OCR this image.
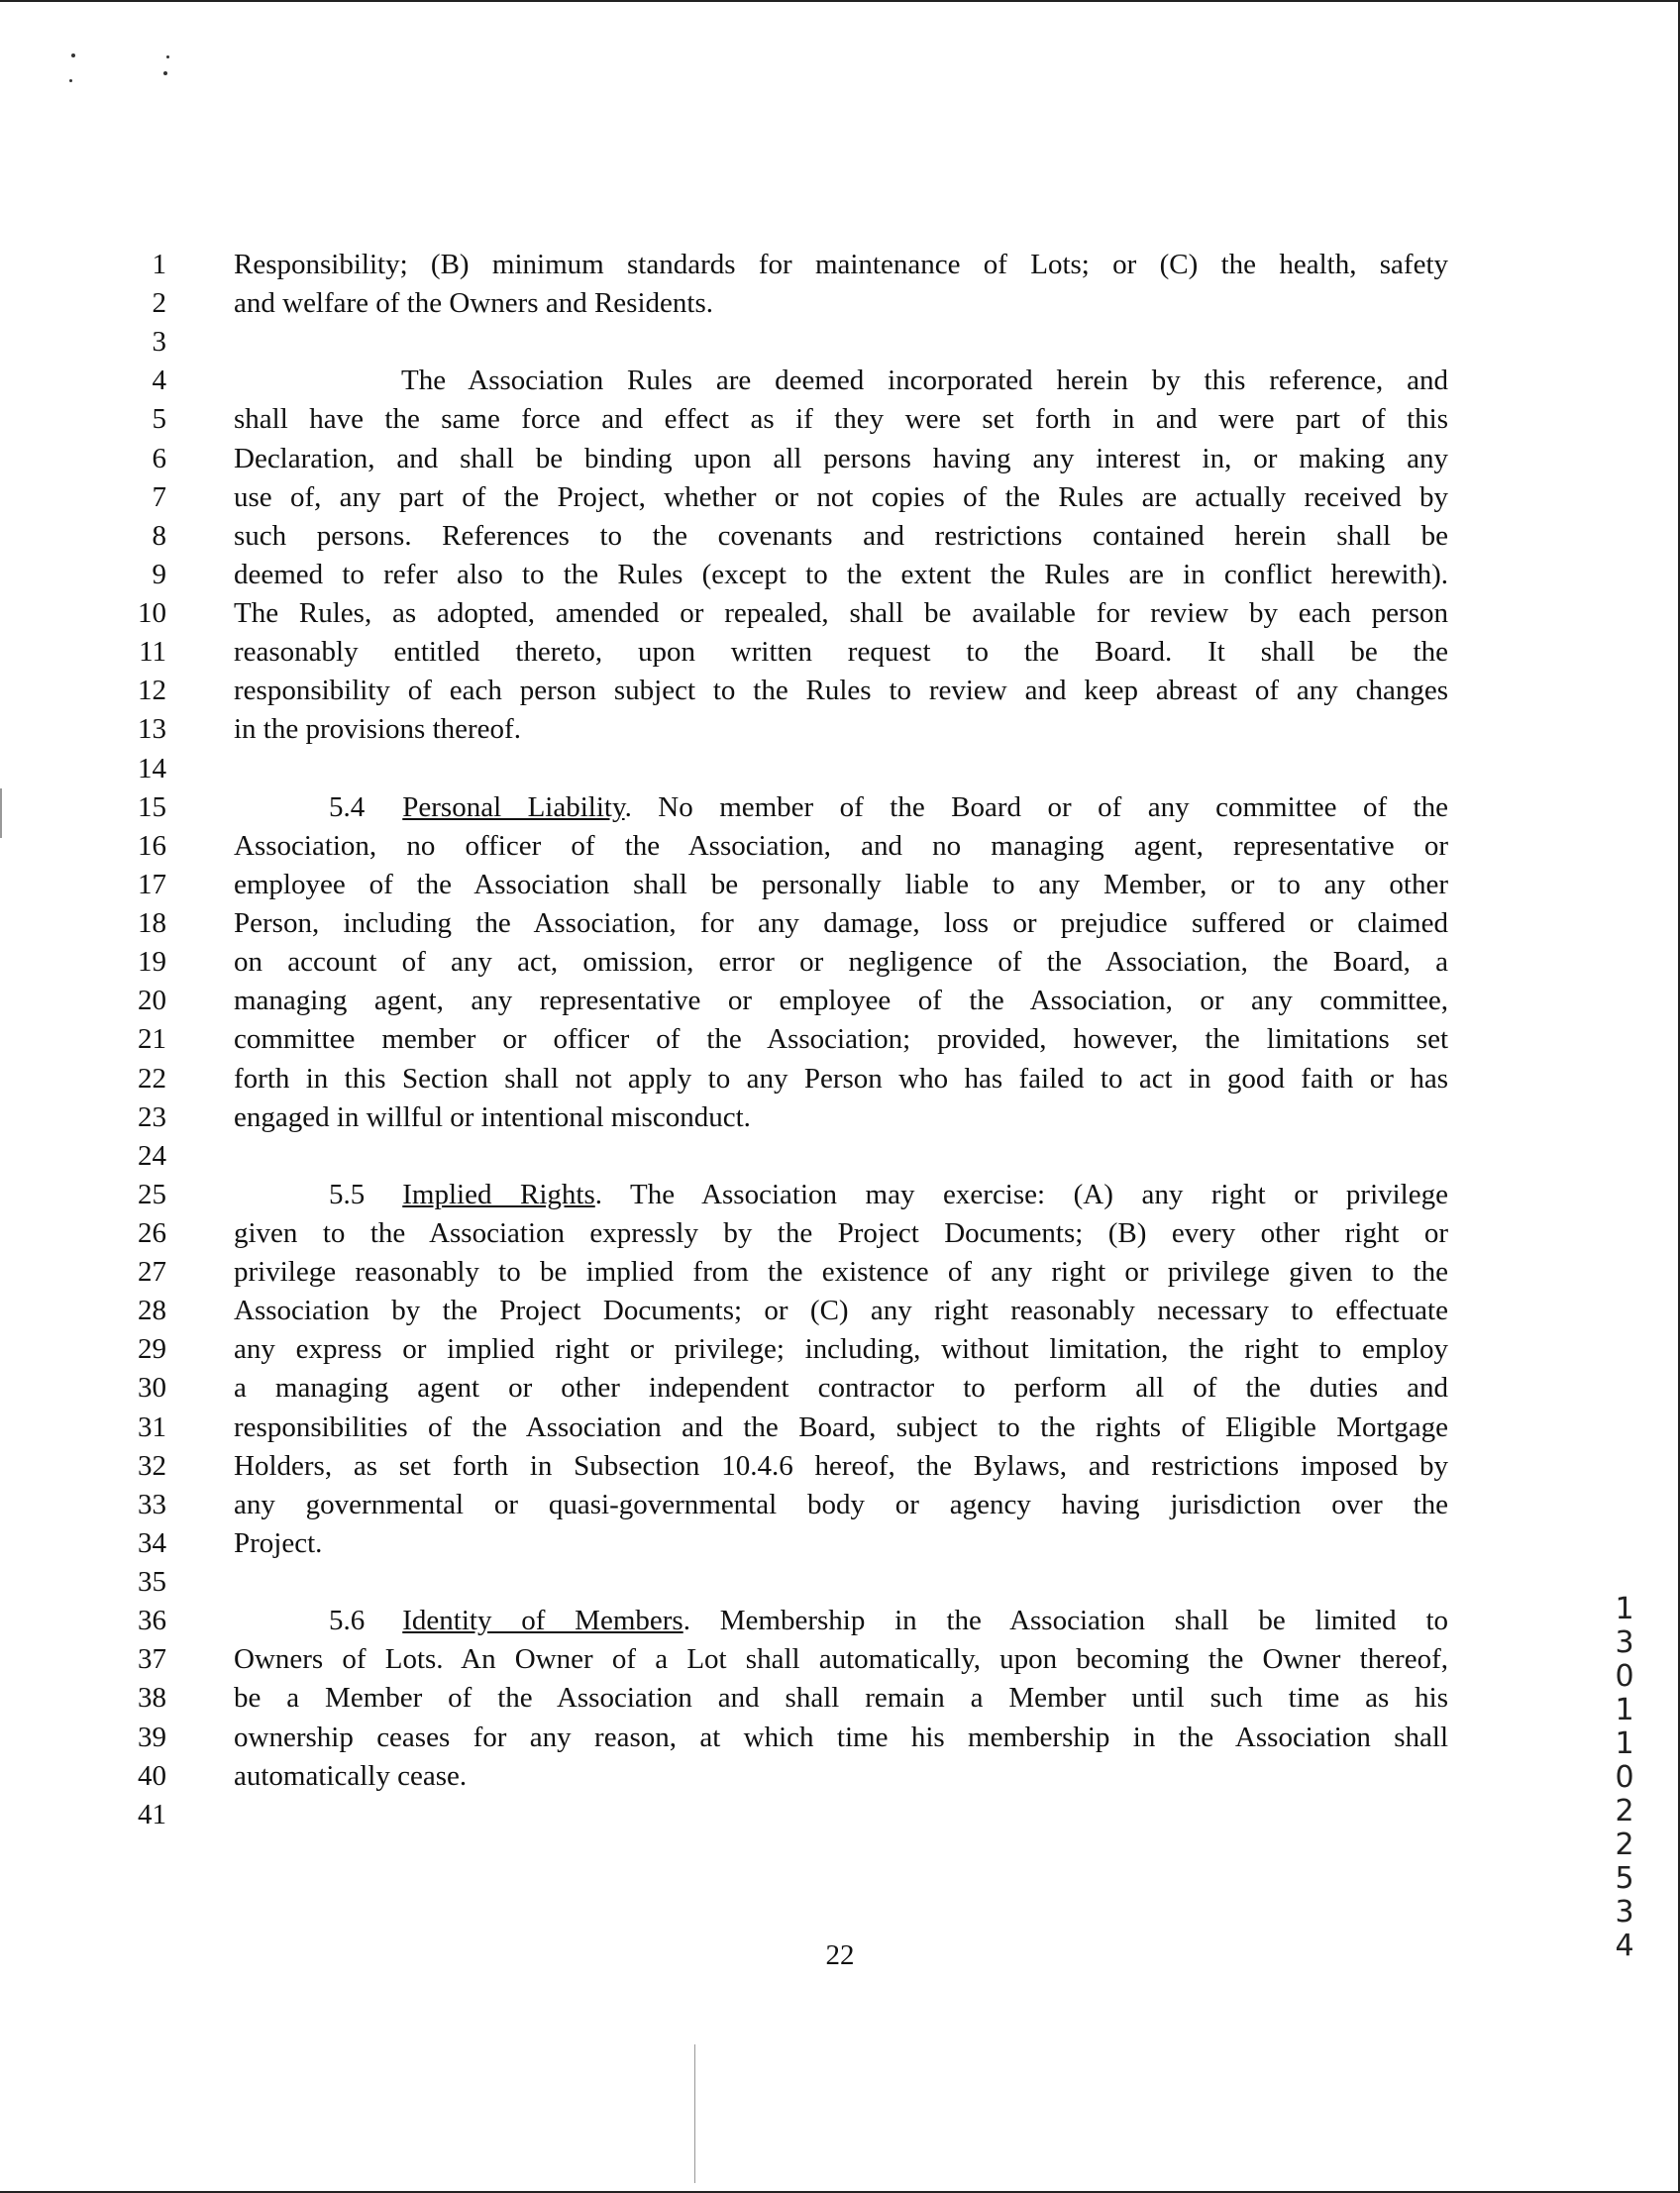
1 Responsibility; (B) minimum standards for maintenance of Lots; or (C) the health, safety
2 and welfare of the Owners and Residents.
3
4	The Association Rules are deemed incorporated herein by this reference, and
5 shall have the same force and effect as if they were set forth in and were part of this
6 Declaration, and shall be binding upon all persons having any interest in, or making any
7 use of, any part of the Project, whether or not copies of the Rules are actually received by
8 such persons. References to the covenants and restrictions contained herein shall be
9 deemed to refer also to the Rules (except to the extent the Rules are in conflict herewith).
10 The Rules, as adopted, amended or repealed, shall be available for review by each person
11 reasonably entitled thereto, upon written request to the Board. It shall be the
12 responsibility of each person subject to the Rules to review and keep abreast of any changes
13 in the provisions thereof.
14
15	5.4 Personal Liability. No member of the Board or of any committee of the
16 Association, no officer of the Association, and no managing agent, representative or
17 employee of the Association shall be personally liable to any Member, or to any other
18 Person, including the Association, for any damage, loss or prejudice suffered or claimed
19 on account of any act, omission, error or negligence of the Association, the Board, a
20 managing agent, any representative or employee of the Association, or any committee,
21 committee member or officer of the Association; provided, however, the limitations set
22 forth in this Section shall not apply to any Person who has failed to act in good faith or has
23 engaged in willful or intentional misconduct.
24
25	5.5 Implied Rights. The Association may exercise: (A) any right or privilege
26 given to the Association expressly by the Project Documents; (B) every other right or
27 privilege reasonably to be implied from the existence of any right or privilege given to the
28 Association by the Project Documents; or (C) any right reasonably necessary to effectuate
29 any express or implied right or privilege; including, without limitation, the right to employ
30 a managing agent or other independent contractor to perform all of the duties and
31 responsibilities of the Association and the Board, subject to the rights of Eligible Mortgage
32 Holders, as set forth in Subsection 10.4.6 hereof, the Bylaws, and restrictions imposed by
33 any governmental or quasi-governmental body or agency having jurisdiction over the
34 Project.
35
36	5.6 Identity of Members. Membership in the Association shall be limited to
37 Owners of Lots. An Owner of a Lot shall automatically, upon becoming the Owner thereof,
38 be a Member of the Association and shall remain a Member until such time as his
39 ownership ceases for any reason, at which time his membership in the Association shall
40 automatically cease.
41
22
1301 1 022534
